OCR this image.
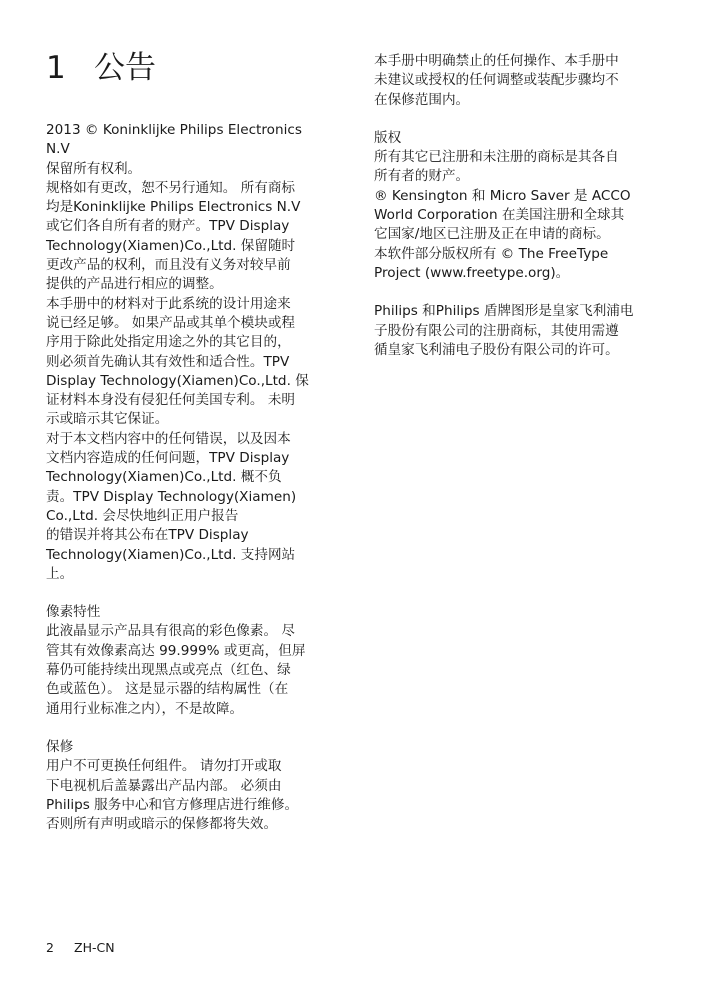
1 公告

2013 © Koninklijke Philips Electronics N.V

保留所有权利。

规格如有更改，恕不另行通知。 所有商标

均是Koninklijke Philips Electronics N.V

或它们各自所有者的财产。TPV Display

Technology(Xiamen)Co.,Ltd. 保留随时

更改产品的权利，而且没有义务对较早前

提供的产品进行相应的调整。

本手册中的材料对于此系统的设计用途来

说已经足够。 如果产品或其单个模块或程

序用于除此处指定用途之外的其它目的，

则必须首先确认其有效性和适合性。TPV

Display Technology(Xiamen)Co.,Ltd. 保

证材料本身没有侵犯任何美国专利。 未明

示或暗示其它保证。

对于本文档内容中的任何错误，以及因本

文档内容造成的任何问题，TPV Display

Technology(Xiamen)Co.,Ltd. 概不负

责。TPV Display Technology(Xiamen)

Co.,Ltd. 会尽快地纠正用户报告

的错误并将其公布在TPV Display

Technology(Xiamen)Co.,Ltd. 支持网站

上。

像素特性

此液晶显示产品具有很高的彩色像素。 尽

管其有效像素高达 99.999% 或更高，但屏

幕仍可能持续出现黑点或亮点（红色、绿

色或蓝色）。 这是显示器的结构属性（在

通用行业标准之内），不是故障。

保修

用户不可更换任何组件。 请勿打开或取

下电视机后盖暴露出产品内部。 必须由

Philips 服务中心和官方修理店进行维修。

否则所有声明或暗示的保修都将失效。

本手册中明确禁止的任何操作、本手册中

未建议或授权的任何调整或装配步骤均不

在保修范围内。

版权

所有其它已注册和未注册的商标是其各自

所有者的财产。

® Kensington 和 Micro Saver 是 ACCO

World Corporation 在美国注册和全球其

它国家/地区已注册及正在申请的商标。

本软件部分版权所有 © The FreeType

Project (www.freetype.org)。

Philips 和Philips 盾牌图形是皇家飞利浦电

子股份有限公司的注册商标，其使用需遵

循皇家飞利浦电子股份有限公司的许可。

2 ZH-CN
